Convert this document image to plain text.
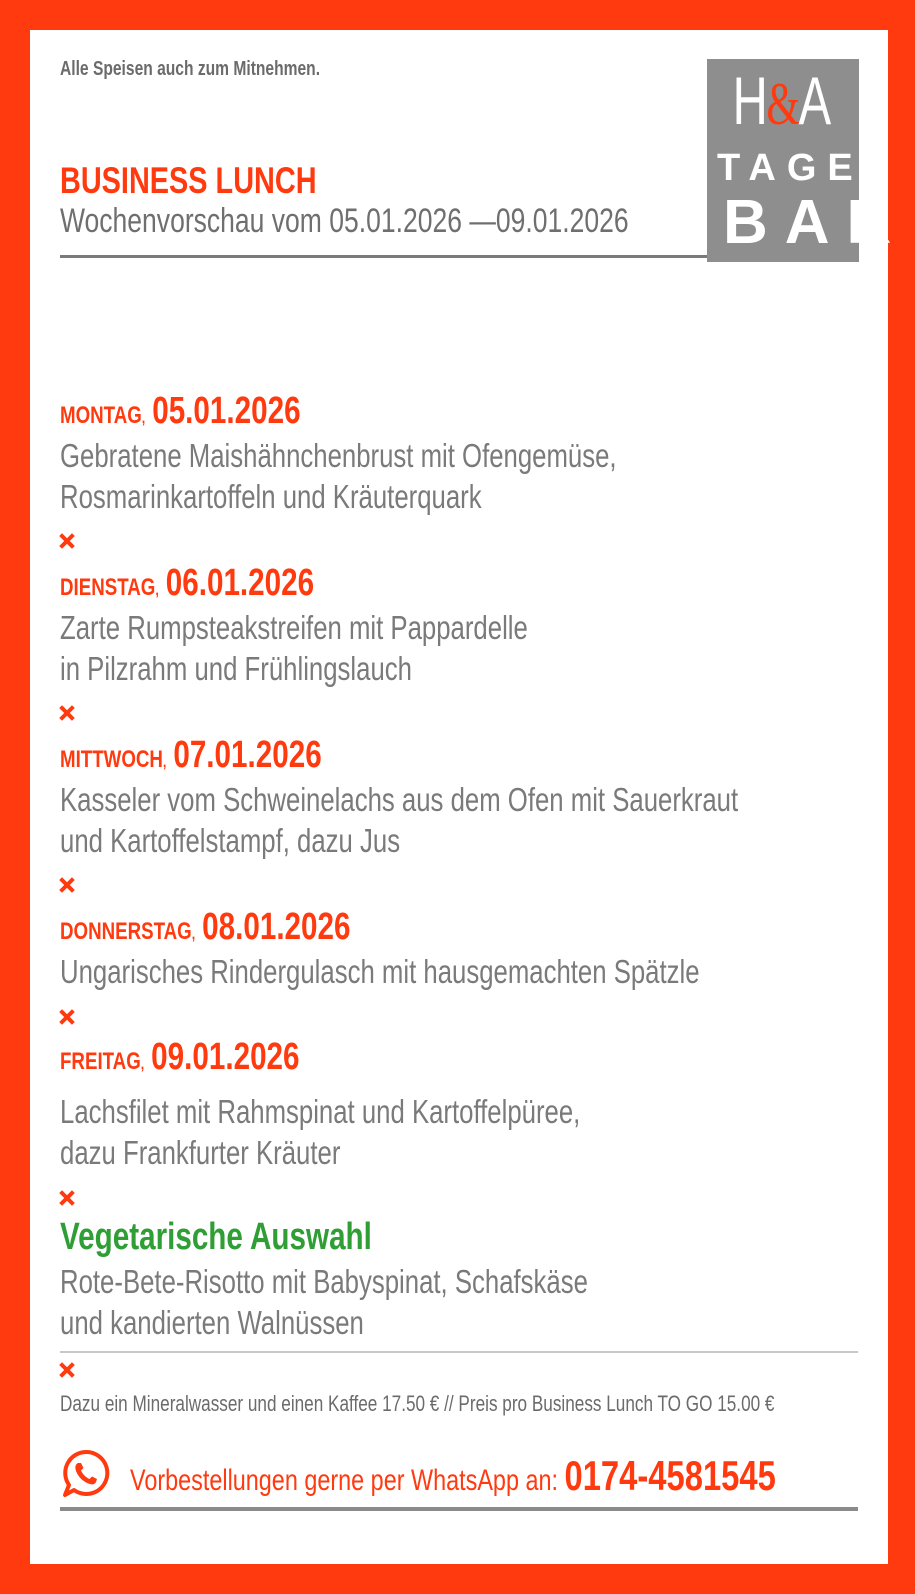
Alle Speisen auch zum Mitnehmen.
BUSINESS LUNCH
Wochenvorschau vom 05.01.2026 —09.01.2026
H&A
TAGES
BAR
MONTAG,  05.01.2026
Gebratene Maishähnchenbrust mit Ofengemüse,
Rosmarinkartoffeln und Kräuterquark
DIENSTAG,  06.01.2026
Zarte Rumpsteakstreifen mit Pappardelle
in Pilzrahm und Frühlingslauch
MITTWOCH,  07.01.2026
Kasseler vom Schweinelachs aus dem Ofen mit Sauerkraut
und Kartoffelstampf, dazu Jus
DONNERSTAG,  08.01.2026
Ungarisches Rindergulasch mit hausgemachten Spätzle
FREITAG,  09.01.2026
Lachsfilet mit Rahmspinat und Kartoffelpüree,
dazu Frankfurter Kräuter
Vegetarische Auswahl
Rote-Bete-Risotto mit Babyspinat, Schafskäse
und kandierten Walnüssen
Dazu ein Mineralwasser und einen Kaffee 17.50 € // Preis pro Business Lunch TO GO 15.00 €
Vorbestellungen gerne per WhatsApp an: 0174-4581545
